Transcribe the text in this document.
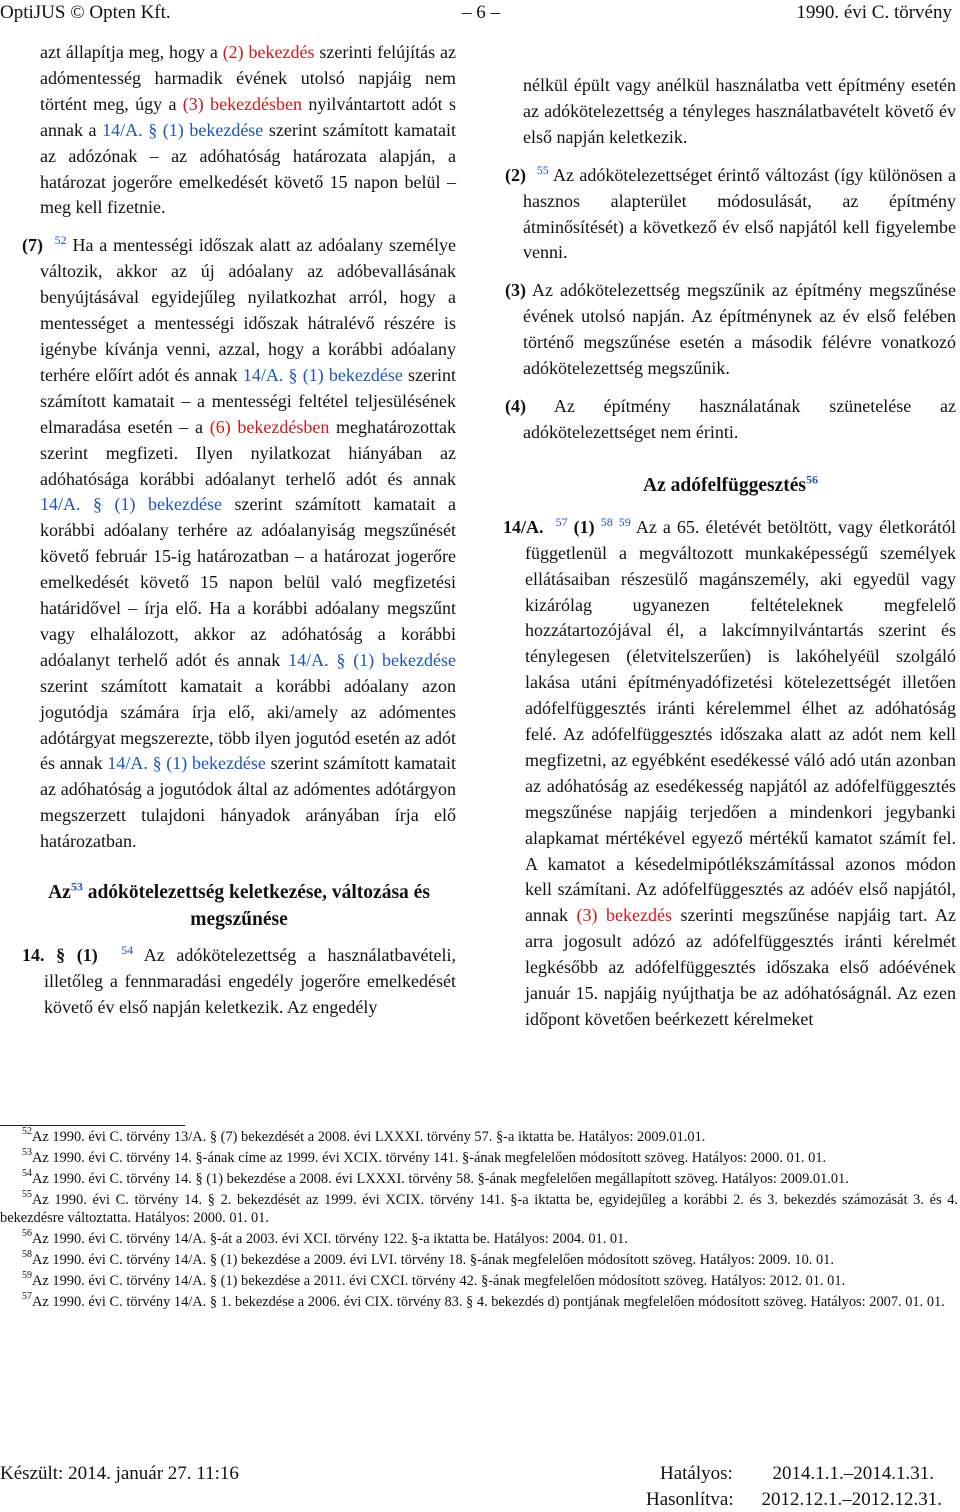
OptiJUS © Opten Kft.	– 6 –	1990. évi C. törvény

azt állapítja meg, hogy a (2) bekezdés szerinti felújítás az adómentesség harmadik évének utolsó napjáig nem történt meg, úgy a (3) bekezdésben nyilvántartott adót s annak a 14/A. § (1) bekezdése szerint számított kamatait az adózónak – az adóhatóság határozata alapján, a határozat jogerőre emelkedését követő 15 napon belül – meg kell fizetnie.

(7) $^{52}$ Ha a mentességi időszak alatt az adóalany személye változik, akkor az új adóalany az adóbevallásának benyújtásával egyidejűleg nyilatkozhat arról, hogy a mentességet a mentességi időszak hátralévő részére is igénybe kívánja venni, azzal, hogy a korábbi adóalany terhére előírt adót és annak 14/A. § (1) bekezdése szerint számított kamatait – a mentességi feltétel teljesülésének elmaradása esetén – a (6) bekezdésben meghatározottak szerint megfizeti. Ilyen nyilatkozat hiányában az adóhatósága korábbi adóalanyt terhelő adót és annak 14/A. § (1) bekezdése szerint számított kamatait a korábbi adóalany terhére az adóalanyiság megszűnését követő február 15-ig határozatban – a határozat jogerőre emelkedését követő 15 napon belül való megfizetési határidővel – írja elő. Ha a korábbi adóalany megszűnt vagy elhalálozott, akkor az adóhatóság a korábbi adóalanyt terhelő adót és annak 14/A. § (1) bekezdése szerint számított kamatait a korábbi adóalany azon jogutódja számára írja elő, aki/amely az adómentes adótárgyat megszerezte, több ilyen jogutód esetén az adót és annak 14/A. § (1) bekezdése szerint számított kamatait az adóhatóság a jogutódok által az adómentes adótárgyon megszerzett tulajdoni hányadok arányában írja elő határozatban.

Az$^{53}$ adókötelezettség keletkezése, változása és megszűnése

14. § (1) $^{54}$ Az adókötelezettség a használatbavételi, illetőleg a fennmaradási engedély jogerőre emelkedését követő év első napján keletkezik. Az engedély

nélkül épült vagy anélkül használatba vett építmény esetén az adókötelezettség a tényleges használatbavételt követő év első napján keletkezik.

(2) $^{55}$ Az adókötelezettséget érintő változást (így különösen a hasznos alapterület módosulását, az építmény átminősítését) a következő év első napjától kell figyelembe venni.

(3) Az adókötelezettség megszűnik az építmény megszűnése évének utolsó napján. Az építménynek az év első felében történő megszűnése esetén a második félévre vonatkozó adókötelezettség megszűnik.

(4) Az építmény használatának szünetelése az adókötelezettséget nem érinti.

Az adófelfüggesztés$^{56}$

14/A. $^{57}$ (1) $^{58}$ $^{59}$ Az a 65. életévét betöltött, vagy életkorától függetlenül a megváltozott munkaképességű személyek ellátásaiban részesülő magánszemély, aki egyedül vagy kizárólag ugyanezen feltételeknek megfelelő hozzátartozójával él, a lakcímnyilvántartás szerint és ténylegesen (életvitelszerűen) is lakóhelyéül szolgáló lakása utáni építményadófizetési kötelezettségét illetően adófelfüggesztés iránti kérelemmel élhet az adóhatóság felé. Az adófelfüggesztés időszaka alatt az adót nem kell megfizetni, az egyébként esedékessé váló adó után azonban az adóhatóság az esedékesség napjától az adófelfüggesztés megszűnése napjáig terjedően a mindenkori jegybanki alapkamat mértékével egyező mértékű kamatot számít fel. A kamatot a késedelmipótlékszámítással azonos módon kell számítani. Az adófelfüggesztés az adóév első napjától, annak (3) bekezdés szerinti megszűnése napjáig tart. Az arra jogosult adózó az adófelfüggesztés iránti kérelmét legkésőbb az adófelfüggesztés időszaka első adóévének január 15. napjáig nyújthatja be az adóhatóságnál. Az ezen időpont követően beérkezett kérelmeket

$^{52}$Az 1990. évi C. törvény 13/A. § (7) bekezdését a 2008. évi LXXXI. törvény 57. §-a iktatta be. Hatályos: 2009.01.01.

$^{53}$Az 1990. évi C. törvény 14. §-ának címe az 1999. évi XCIX. törvény 141. §-ának megfelelően módosított szöveg. Hatályos: 2000. 01. 01.

$^{54}$Az 1990. évi C. törvény 14. § (1) bekezdése a 2008. évi LXXXI. törvény 58. §-ának megfelelően megállapított szöveg. Hatályos: 2009.01.01.

$^{55}$Az 1990. évi C. törvény 14. § 2. bekezdését az 1999. évi XCIX. törvény 141. §-a iktatta be, egyidejűleg a korábbi 2. és 3. bekezdés számozását 3. és 4. bekezdésre változtatta. Hatályos: 2000. 01. 01.

$^{56}$Az 1990. évi C. törvény 14/A. §-át a 2003. évi XCI. törvény 122. §-a iktatta be. Hatályos: 2004. 01. 01.

$^{58}$Az 1990. évi C. törvény 14/A. § (1) bekezdése a 2009. évi LVI. törvény 18. §-ának megfelelően módosított szöveg. Hatályos: 2009. 10. 01.

$^{59}$Az 1990. évi C. törvény 14/A. § (1) bekezdése a 2011. évi CXCI. törvény 42. §-ának megfelelően módosított szöveg. Hatályos: 2012. 01. 01.

$^{57}$Az 1990. évi C. törvény 14/A. § 1. bekezdése a 2006. évi CIX. törvény 83. § 4. bekezdés d) pontjának megfelelően módosított szöveg. Hatályos: 2007. 01. 01.

Készült: 2014. január 27. 11:16	Hatályos: 2014.1.1.–2014.1.31.
Hasonlítva: 2012.12.1.–2012.12.31.
